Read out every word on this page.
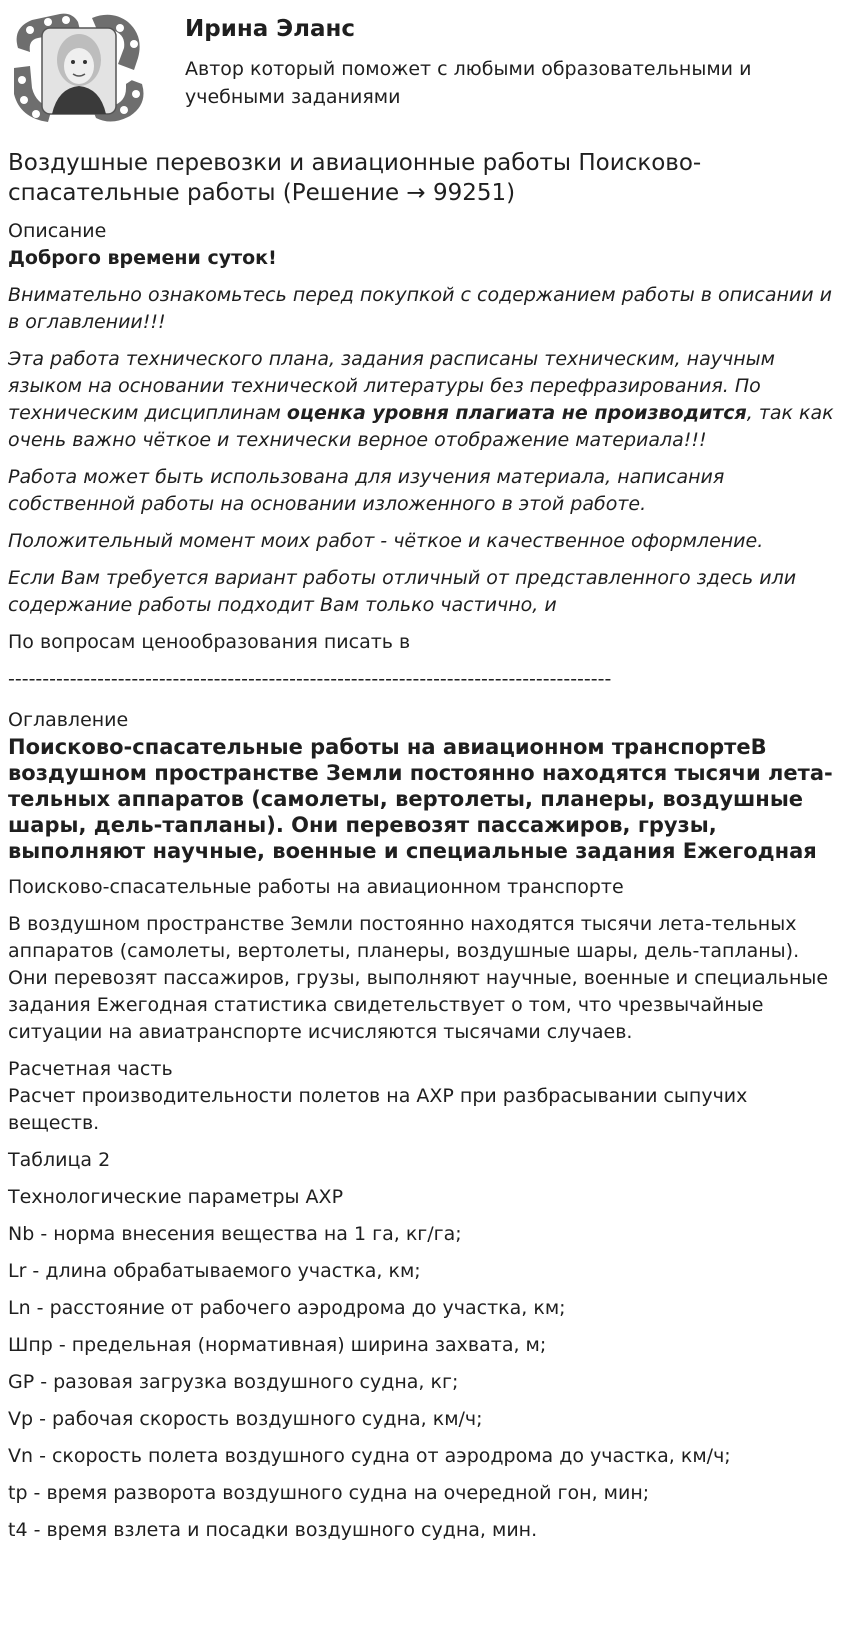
Ирина Эланс

Автор который поможет с любыми образовательными и учебными заданиями

Воздушные перевозки и авиационные работы Поисково-спасательные работы (Решение → 99251)
Описание

Доброго времени суток!

Внимательно ознакомьтесь перед покупкой с содержанием работы в описании и в оглавлении!!!

Эта работа технического плана, задания расписаны техническим, научным языком на основании технической литературы без перефразирования. По техническим дисциплинам оценка уровня плагиата не производится, так как очень важно чёткое и технически верное отображение материала!!!

Работа может быть использована для изучения материала, написания собственной работы на основании изложенного в этой работе.

Положительный момент моих работ - чёткое и качественное оформление.

Если Вам требуется вариант работы отличный от представленного здесь или содержание работы подходит Вам только частично, и

По вопросам ценообразования писать в

----------------------------------------------------------------------------------------

Оглавление
Поисково-спасательные работы на авиационном транспортеВ воздушном пространстве Земли постоянно находятся тысячи лета-тельных аппаратов (самолеты, вертолеты, планеры, воздушные шары, дель-тапланы). Они перевозят пассажиров, грузы, выполняют научные, военные и специальные задания Ежегодная

Поисково-спасательные работы на авиационном транспорте

В воздушном пространстве Земли постоянно находятся тысячи лета-тельных аппаратов (самолеты, вертолеты, планеры, воздушные шары, дель-тапланы). Они перевозят пассажиров, грузы, выполняют научные, военные и специальные задания Ежегодная статистика свидетельствует о том, что чрезвычайные ситуации на авиатранспорте исчисляются тысячами случаев.

Расчетная часть

Расчет производительности полетов на АХР при разбрасывании сыпучих веществ.

Таблица 2

Технологические параметры АХР

Nb - норма внесения вещества на 1 га, кг/га;

Lr - длина обрабатываемого участка, км;

Ln - расстояние от рабочего аэродрома до участка, км;

Шпр - предельная (нормативная) ширина захвата, м;

GP - разовая загрузка воздушного судна, кг;

Vp - рабочая скорость воздушного судна, км/ч;

Vn - скорость полета воздушного судна от аэродрома до участка, км/ч;

tp - время разворота воздушного судна на очередной гон, мин;

t4 - время взлета и посадки воздушного судна, мин.
